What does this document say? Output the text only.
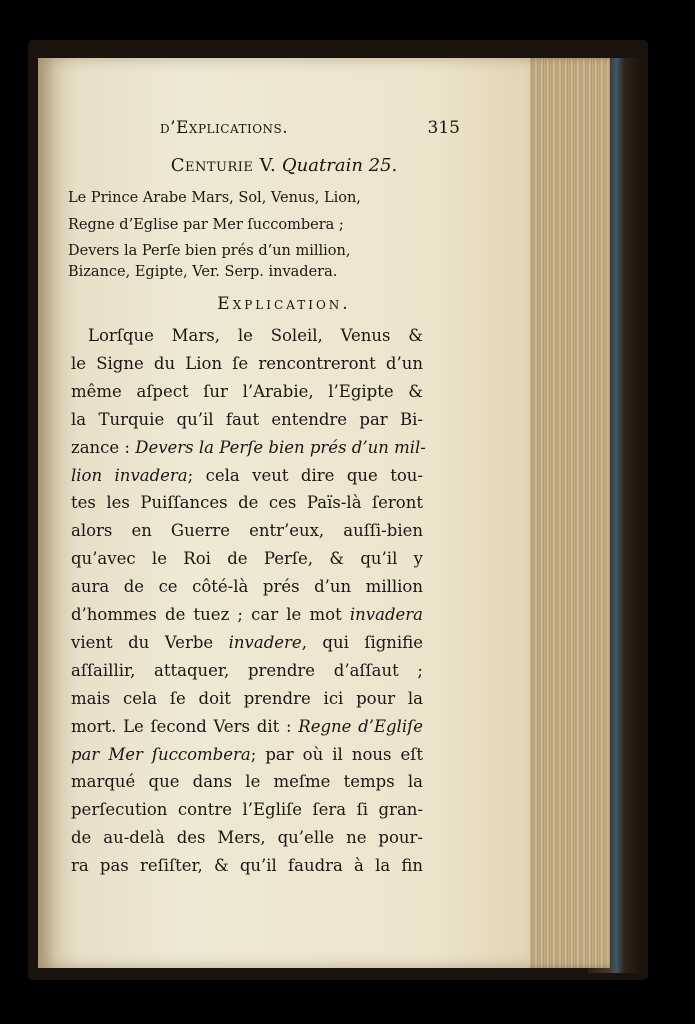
d’Explications.	315
Centurie V. Quatrain 25.
Le Prince Arabe Mars, Sol, Venus, Lion,
Regne d’Eglise par Mer ſuccombera ;
Devers la Perſe bien prés d’un million,
Bizance, Egipte, Ver. Serp. invadera.
Explication.
Lorſque Mars, le Soleil, Venus &
le Signe du Lion ſe rencontreront d’un
même aſpect ſur l’Arabie, l’Egipte &
la Turquie qu’il faut entendre par Bi-
zance : Devers la Perſe bien prés d’un mil-
lion invadera; cela veut dire que tou-
tes les Puiſſances de ces Païs-là ſeront
alors en Guerre entr’eux, auſſi-bien
qu’avec le Roi de Perſe, & qu’il y
aura de ce côté-là prés d’un million
d’hommes de tuez ; car le mot invadera
vient du Verbe invadere, qui ſignifie
aſſaillir, attaquer, prendre d’aſſaut ;
mais cela ſe doit prendre ici pour la
mort. Le ſecond Vers dit : Regne d’Egliſe
par Mer ſuccombera; par où il nous eſt
marqué que dans le meſme temps la
perſecution contre l’Egliſe ſera ſi gran-
de au-delà des Mers, qu’elle ne pour-
ra pas reſiſter, & qu’il faudra à la fin
